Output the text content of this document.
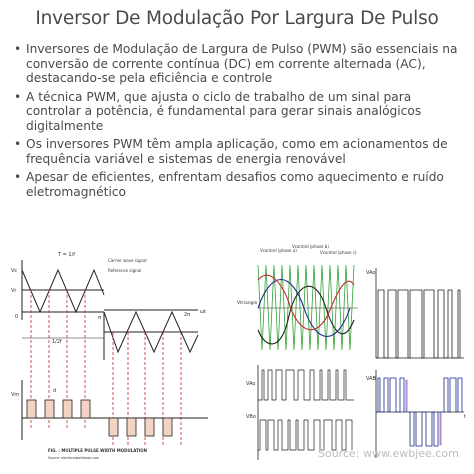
Inversor De Modulação Por Largura De Pulso
• Inversores de Modulação de Largura de Pulso (PWM) são essenciais na conversão de corrente contínua (DC) em corrente alternada (AC), destacando-se pela eficiência e controle
• A técnica PWM, que ajusta o ciclo de trabalho de um sinal para controlar a potência, é fundamental para gerar sinais analógicos digitalmente
• Os inversores PWM têm ampla aplicação, como em acionamentos de frequência variável e sistemas de energia renovável
• Apesar de eficientes, enfrentam desafios como aquecimento e ruído eletromagnético
T = 1/f
Carrier wave signal
Reference signal
Vc
Vr
0	π	2π ωt
1/2f
Vm
d
FIG. : MULTIPLE PULSE WIDTH MODULATION
Source: electricalworkbook.com
Vtriangle
Vcontrol (phase a)
Vcontrol (phase b)
Vcontrol (phase c)
VAo
VAo
VBo
VAB
t
Source: www.ewbjee.com
